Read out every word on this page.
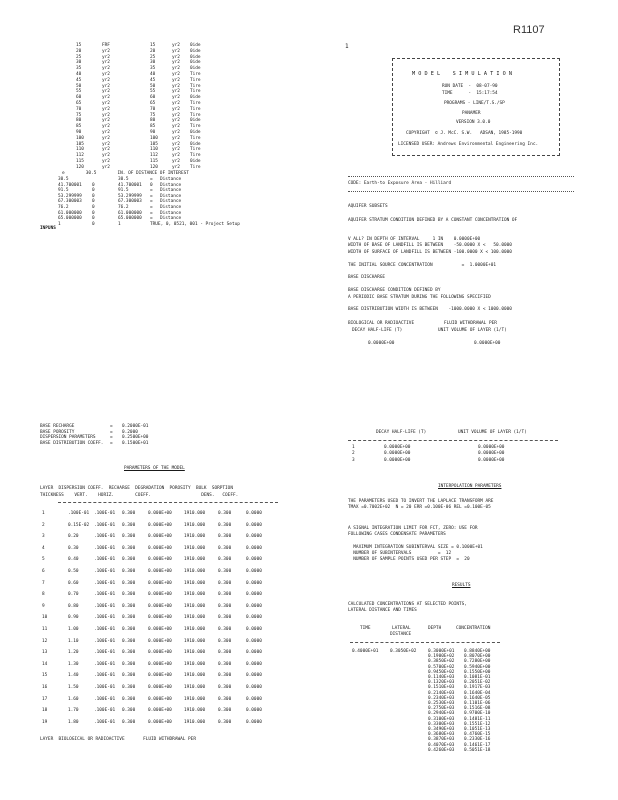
R1107
1
15	FRF	15	yr2 0ide
20	yr2	20	yr2 0ide
25	yr2	25	yr2 0ide
30	yr2	30	yr2 0ide
35	yr2	35	yr2 0ide
40	yr2	40	yr2 Tire
45	yr2	45	yr2 Tire
50	yr2	50	yr2 Tire
55	yr2	55	yr2 Tire
60	yr2	60	yr2 0ide
65	yr2	65	yr2 Tire
70	yr2	70	yr2 Tire
75	yr2	75	yr2 Tire
80	yr2	80	yr2 0ide
85	yr2	85	yr2 Tire
90	yr2	90	yr2 0ide
100	yr2	100	yr2 Tire
105	yr2	105	yr2 0ide
110	yr2	110	yr2 Tire
112	yr2	112	yr2 Tire
115	yr2	115	yr2 0ide
120	yr2	120	yr2 Tire
e        30.5        IN. OF DISTANCE OF INTEREST
30.5	30.5	= Distance
41.700001 0	41.700001 0 Distance
91.5	0	91.5	= Distance
53.299999 0	53.299999 = Distance
67.300003 0	67.300003 = Distance
76.2	0	76.2	= Distance
61.000000 0	61.000000 = Distance
65.000000 0	65.000000 = Distance
1	0	1	TRUE, 0, 0521, 001 - Project Setup
INPUNS
M O D E L    S I M U L A T I O N
RUN DATE  -  08-07-90
TIME      -  15:17:54
PROGRAMS - LINE/T.S./SP
PANAMER
VERSION 3.0.0
COPYRIGHT  © J. McC. S.W.   ADSAN, 1985-1990
LICENSED USER: Andrews Environmental Engineering Inc.
CODE: Earth-to Exposure Area - Hilliard
AQUIFER SUBSETS
AQUIFER STRATUM CONDITION DEFINED BY A CONSTANT CONCENTRATION OF
V ALL? IN DEPTH OF INTERVAL     1 IN    0.0000E+00
WIDTH OF BASE OF LANDFILL IS BETWEEN    -50.0000 X <   50.0000
WIDTH OF SURFACE OF LANDFILL IS BETWEEN -100.0000 X < 100.0000
THE INITIAL SOURCE CONCENTRATION           =  1.0000E+01
BASE DISCHARGE
BASE DISCHARGE CONDITION DEFINED BY
A PERIODIC BASE STRATUM DURING THE FOLLOWING SPECIFIED
BASE DISTRIBUTION WIDTH IS BETWEEN    -1000.0000 X < 1000.0000
BIOLOGICAL OR RADIOACTIVE
DECAY HALF-LIFE (T)
0.0000E+00
FLUID WITHDRAWAL PER
UNIT VOLUME OF LAYER (1/T)
0.0000E+00
BASE RECHARGE	= 0.2000E-01
BASE POROSITY	= 0.2000
DISPERSION PARAMETERS	= 0.2500E+00
BASE DISTRIBUTION COEFF. = 0.1500E+01
PARAMETERS OF THE MODEL
LAYER  DISPERSION COEFF.  RECHARGE  DEGRADATION  POROSITY  BULK  SORPTION
THICKNESS    VERT.    HORIZ.        COEFF.                   DENS.   COEFF.
1	.100E-01 .100E-01 0.300	0.000E+00	1910.000	0.300	0.0000
2	0.15E-02 .100E-01 0.300	0.000E+00	1910.000	0.300	0.0000
3	0.20	.100E-01 0.300	0.000E+00	1910.000	0.300	0.0000
4	0.30	.100E-01 0.300	0.000E+00	1910.000	0.300	0.0000
5	0.40	.100E-01 0.300	0.000E+00	1910.000	0.300	0.0000
6	0.50	.100E-01 0.300	0.000E+00	1910.000	0.300	0.0000
7	0.60	.100E-01 0.300	0.000E+00	1910.000	0.300	0.0000
8	0.70	.100E-01 0.300	0.000E+00	1910.000	0.300	0.0000
9	0.80	.100E-01 0.300	0.000E+00	1910.000	0.300	0.0000
10	0.90	.100E-01 0.300	0.000E+00	1910.000	0.300	0.0000
11	1.00	.100E-01 0.300	0.000E+00	1910.000	0.300	0.0000
12	1.10	.100E-01 0.300	0.000E+00	1910.000	0.300	0.0000
13	1.20	.100E-01 0.300	0.000E+00	1910.000	0.300	0.0000
14	1.30	.100E-01 0.300	0.000E+00	1910.000	0.300	0.0000
15	1.40	.100E-01 0.300	0.000E+00	1910.000	0.300	0.0000
16	1.50	.100E-01 0.300	0.000E+00	1910.000	0.300	0.0000
17	1.60	.100E-01 0.300	0.000E+00	1910.000	0.300	0.0000
18	1.70	.100E-01 0.300	0.000E+00	1910.000	0.300	0.0000
19	1.80	.100E-01 0.300	0.000E+00	1910.000	0.300	0.0000
LAYER  BIOLOGICAL OR RADIOACTIVE       FLUID WITHDRAWAL PER
DECAY HALF-LIFE (T)	UNIT VOLUME OF LAYER (1/T)
1	0.0000E+00	0.0000E+00
2	0.0000E+00	0.0000E+00
3	0.0000E+00	0.0000E+00
INTERPOLATION PARAMETERS
THE PARAMETERS USED TO INVERT THE LAPLACE TRANSFORM ARE
TMAX =0.7002E+02  N = 20 ERR =0.100E-06 REL =0.100E-05
A SIGNAL INTEGRATION LIMIT FOR FCT, ZERO: USE FOR
FOLLOWING CASES CONDENSATE PARAMETERS
MAXIMUM INTEGRATION SUBINTERVAL SIZE = 0.1000E+01
NUMBER OF SUBINTERVALS          =  12
NUMBER OF SAMPLE POINTS USED PER STEP  =  20
RESULTS
CALCULATED CONCENTRATIONS AT SELECTED POINTS,
LATERAL DISTANCE AND TIMES
TIME	LATERAL
DISTANCE
DEPTH	CONCENTRATION
0.4000E+01	0.3050E+02	0.3000E+01 0.8840E+00
0.1900E+02 0.8070E+00
0.3850E+02 0.7280E+00
0.5700E+02 0.5940E+00
0.9450E+02 0.1550E+00
0.1140E+03 0.1081E-01
0.1320E+03 0.2051E-02
0.1510E+03 0.1917E-03
0.2140E+03 0.1640E-04
0.2340E+03 0.1640E-05
0.2530E+03 0.1101E-06
0.2750E+03 0.1516E-08
0.2940E+03 0.9700E-10
0.3100E+03 0.1481E-11
0.3300E+03 0.1551E-12
0.3490E+03 0.1051E-13
0.3680E+03 0.4760E-15
0.3870E+03 0.2330E-16
0.4070E+03 0.1461E-17
0.4260E+03 0.5051E-18
